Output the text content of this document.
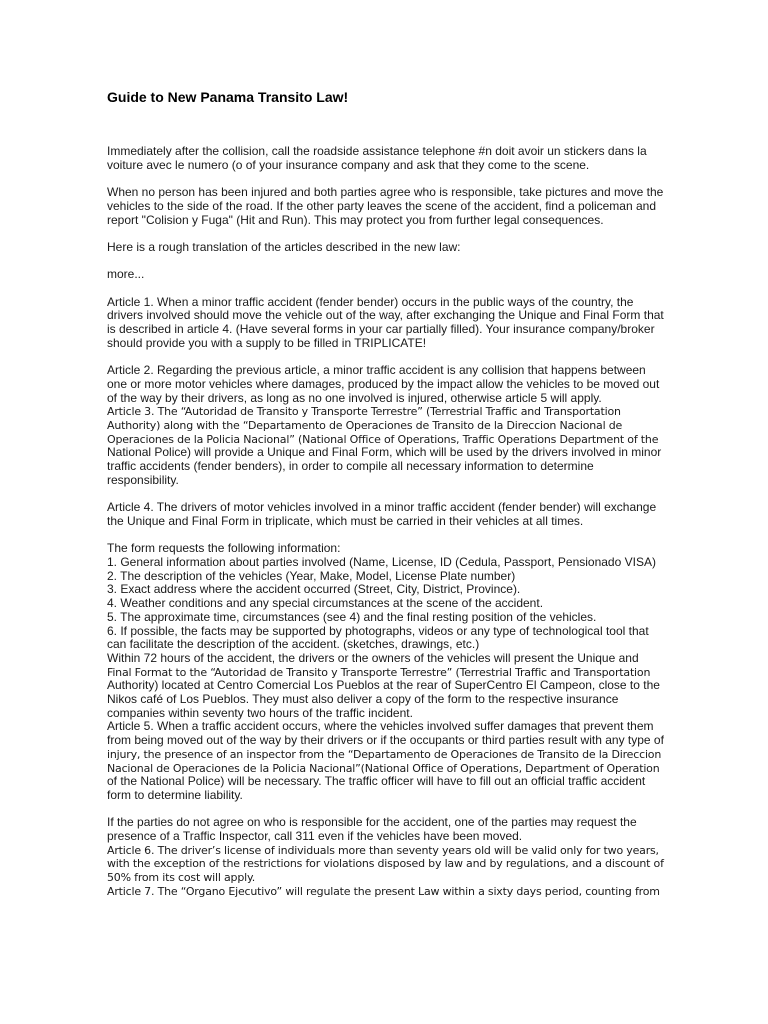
Guide to New Panama Transito Law!

Immediately after the collision, call the roadside assistance telephone #n doit avoir un stickers dans la
voiture avec le numero (o of your insurance company and ask that they come to the scene.

When no person has been injured and both parties agree who is responsible, take pictures and move the
vehicles to the side of the road. If the other party leaves the scene of the accident, find a policeman and
report "Colision y Fuga" (Hit and Run). This may protect you from further legal consequences.

Here is a rough translation of the articles described in the new law:

more...

Article 1. When a minor traffic accident (fender bender) occurs in the public ways of the country, the
drivers involved should move the vehicle out of the way, after exchanging the Unique and Final Form that
is described in article 4. (Have several forms in your car partially filled). Your insurance company/broker
should provide you with a supply to be filled in TRIPLICATE!

Article 2. Regarding the previous article, a minor traffic accident is any collision that happens between
one or more motor vehicles where damages, produced by the impact allow the vehicles to be moved out
of the way by their drivers, as long as no one involved is injured, otherwise article 5 will apply.
Article 3. The “Autoridad de Transito y Transporte Terrestre” (Terrestrial Traffic and Transportation
Authority) along with the “Departamento de Operaciones de Transito de la Direccion Nacional de
Operaciones de la Policia Nacional” (National Office of Operations, Traffic Operations Department of the
National Police) will provide a Unique and Final Form, which will be used by the drivers involved in minor
traffic accidents (fender benders), in order to compile all necessary information to determine
responsibility.

Article 4. The drivers of motor vehicles involved in a minor traffic accident (fender bender) will exchange
the Unique and Final Form in triplicate, which must be carried in their vehicles at all times.

The form requests the following information:
1. General information about parties involved (Name, License, ID (Cedula, Passport, Pensionado VISA)
2. The description of the vehicles (Year, Make, Model, License Plate number)
3. Exact address where the accident occurred (Street, City, District, Province).
4. Weather conditions and any special circumstances at the scene of the accident.
5. The approximate time, circumstances (see 4) and the final resting position of the vehicles.
6. If possible, the facts may be supported by photographs, videos or any type of technological tool that
can facilitate the description of the accident. (sketches, drawings, etc.)
Within 72 hours of the accident, the drivers or the owners of the vehicles will present the Unique and
Final Format to the “Autoridad de Transito y Transporte Terrestre” (Terrestrial Traffic and Transportation
Authority) located at Centro Comercial Los Pueblos at the rear of SuperCentro El Campeon, close to the
Nikos café of Los Pueblos. They must also deliver a copy of the form to the respective insurance
companies within seventy two hours of the traffic incident.
Article 5. When a traffic accident occurs, where the vehicles involved suffer damages that prevent them
from being moved out of the way by their drivers or if the occupants or third parties result with any type of
injury, the presence of an inspector from the “Departamento de Operaciones de Transito de la Direccion
Nacional de Operaciones de la Policia Nacional”(National Office of Operations, Department of Operation
of the National Police) will be necessary. The traffic officer will have to fill out an official traffic accident
form to determine liability.

If the parties do not agree on who is responsible for the accident, one of the parties may request the
presence of a Traffic Inspector, call 311 even if the vehicles have been moved.
Article 6. The driver’s license of individuals more than seventy years old will be valid only for two years,
with the exception of the restrictions for violations disposed by law and by regulations, and a discount of
50% from its cost will apply.
Article 7. The “Organo Ejecutivo” will regulate the present Law within a sixty days period, counting from
